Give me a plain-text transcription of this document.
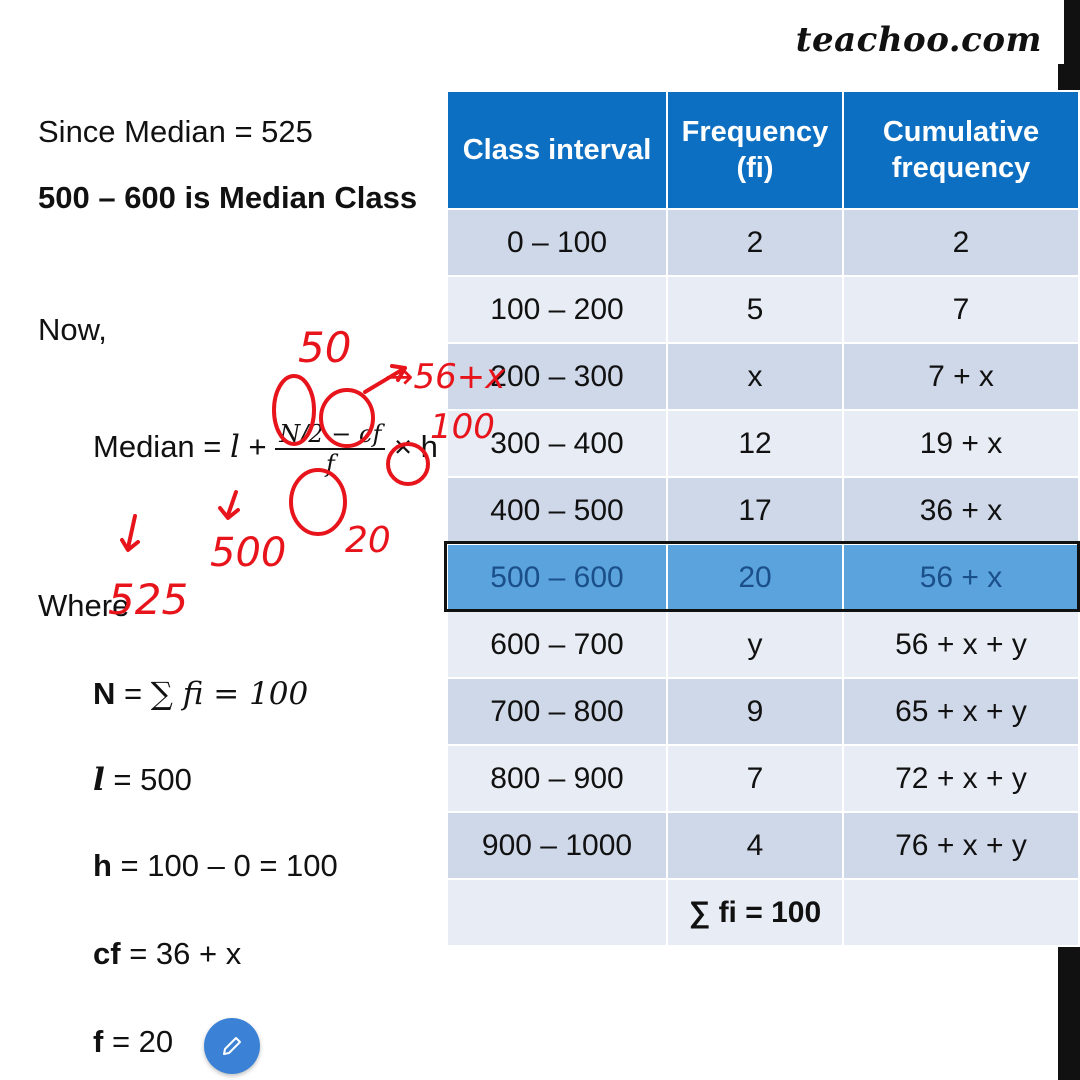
teachoo.com
Since Median = 525
500 – 600 is Median Class
Now,
Median = $l + \frac{N/2 - cf}{f} \times h$
Where
N = ∑ fi = 100
l = 500
h = 100 – 0 = 100
cf = 36 + x
f = 20
Class interval	Frequency (fi)	Cumulative frequency
0 – 100	2	2
100 – 200	5	7
200 – 300	x	7 + x
300 – 400	12	19 + x
400 – 500	17	36 + x
500 – 600	20	56 + x
600 – 700	y	56 + x + y
700 – 800	9	65 + x + y
800 – 900	7	72 + x + y
900 – 1000	4	76 + x + y
	∑ fi = 100	
50
→56+x
100
20
525
500
